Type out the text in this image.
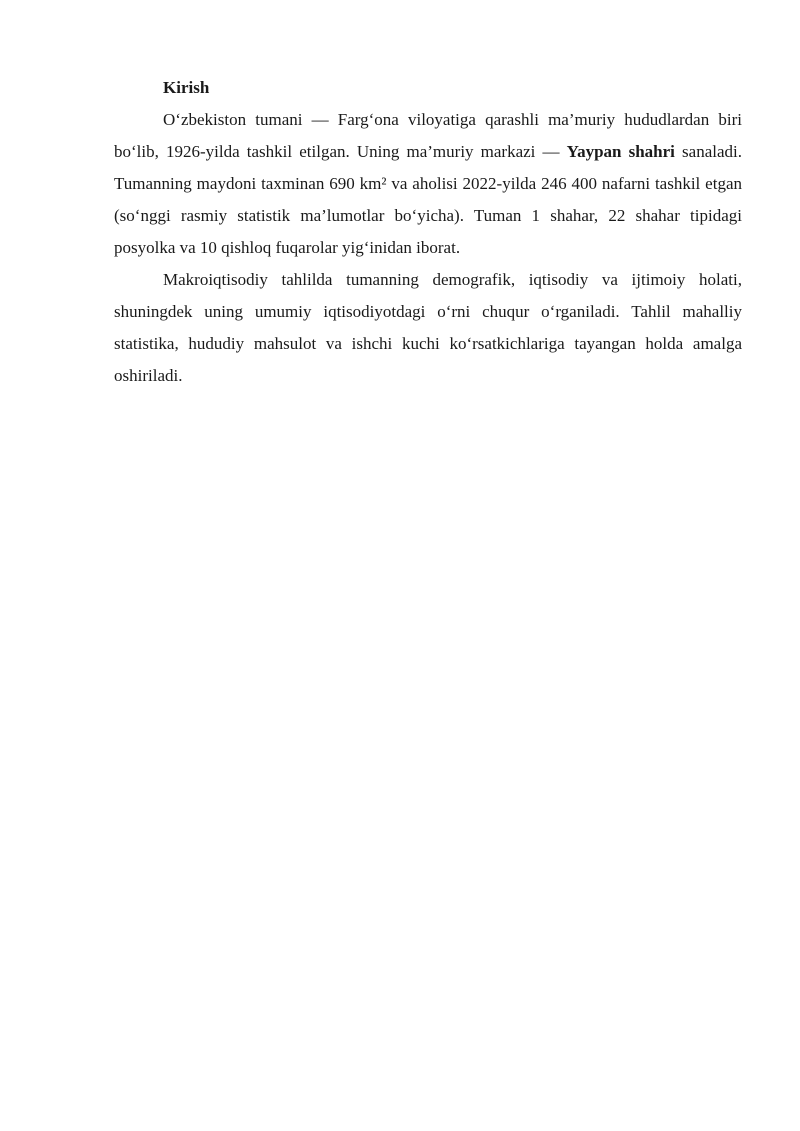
Kirish

O‘zbekiston tumani — Farg‘ona viloyatiga qarashli ma’muriy hududlardan biri bo‘lib, 1926-yilda tashkil etilgan. Uning ma’muriy markazi — Yaypan shahri sanaladi. Tumanning maydoni taxminan 690 km² va aholisi 2022-yilda 246 400 nafarni tashkil etgan (so‘nggi rasmiy statistik ma’lumotlar bo‘yicha). Tuman 1 shahar, 22 shahar tipidagi posyolka va 10 qishloq fuqarolar yig‘inidan iborat.

Makroiqtisodiy tahlilda tumanning demografik, iqtisodiy va ijtimoiy holati, shuningdek uning umumiy iqtisodiyotdagi o‘rni chuqur o‘rganiladi. Tahlil mahalliy statistika, hududiy mahsulot va ishchi kuchi ko‘rsatkichlariga tayangan holda amalga oshiriladi.
